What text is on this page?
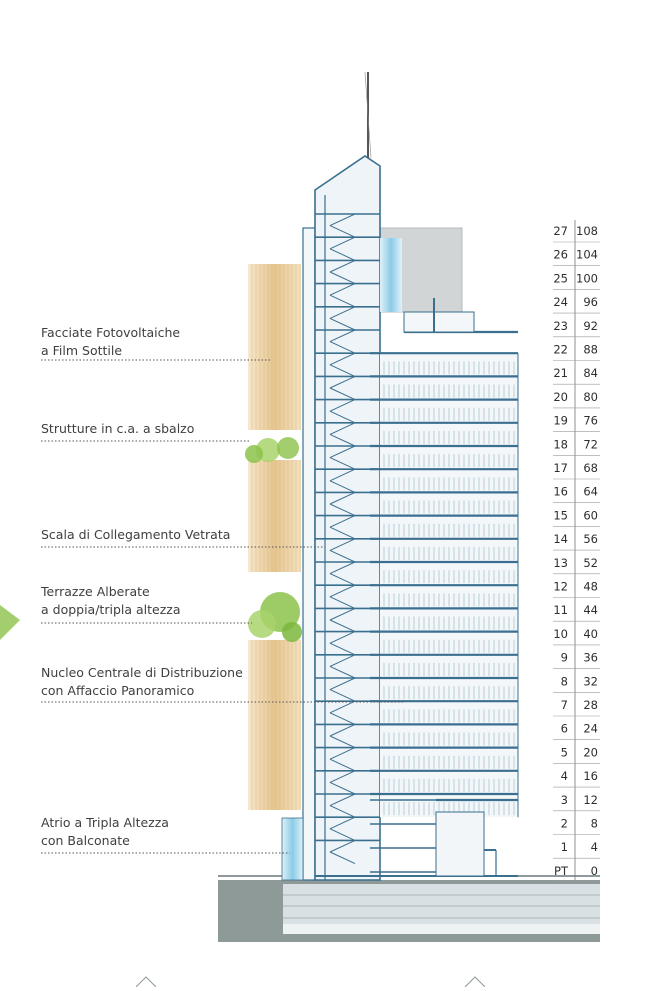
27 108
26 104
25 100
24 96
23 92
22 88
21 84
20 80
19 76
18 72
17 68
16 64
15 60
14 56
13 52
12 48
11 44
10 40
9 36
8 32
7 28
6 24
5 20
4 16
3 12
2 8
1 4
PT 0
Facciate Fotovoltaiche
a Film Sottile
Strutture in c.a. a sbalzo
Scala di Collegamento Vetrata
Terrazze Alberate
a doppia/tripla altezza
Nucleo Centrale di Distribuzione
con Affaccio Panoramico
Atrio a Tripla Altezza
con Balconate
